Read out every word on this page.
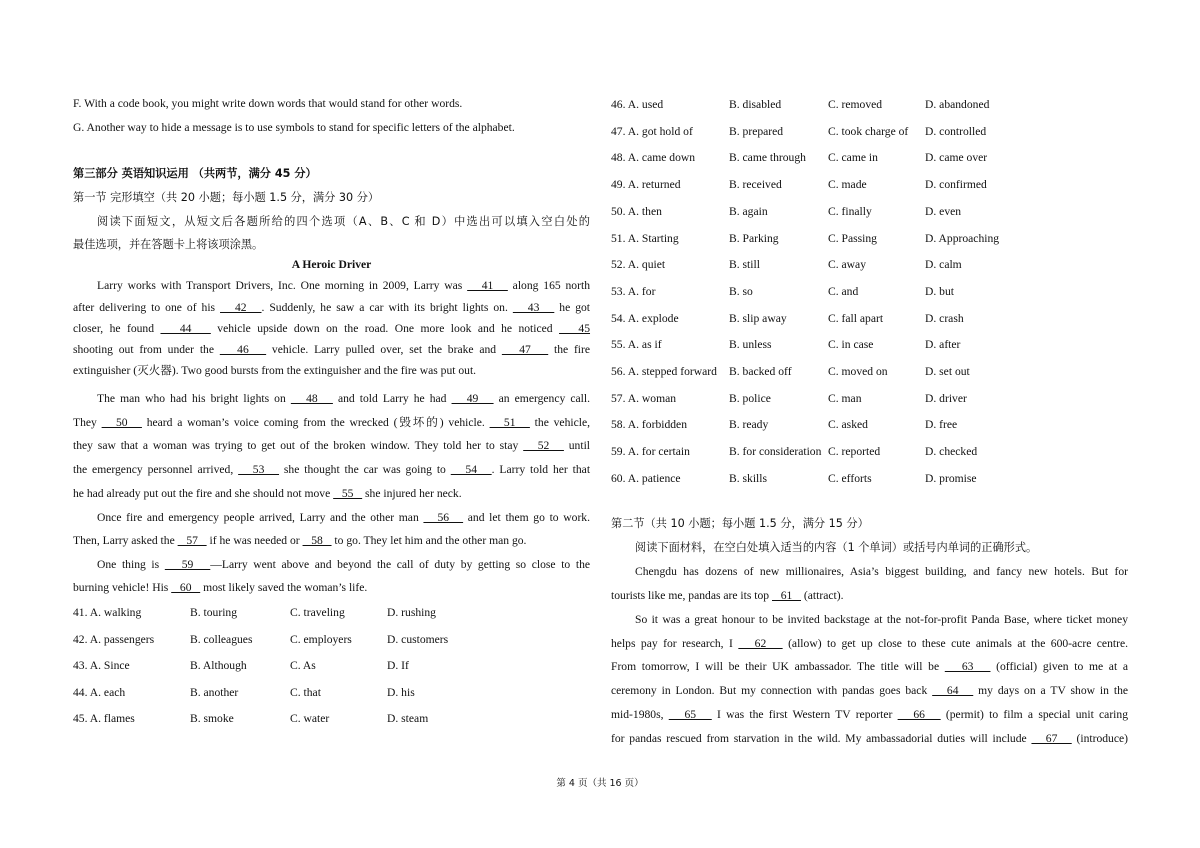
F. With a code book, you might write down words that would stand for other words.
G. Another way to hide a message is to use symbols to stand for specific letters of the alphabet.
第三部分 英语知识运用 （共两节，满分 45 分）
第一节 完形填空（共 20 小题；每小题 1.5 分，满分 30 分）
阅读下面短文，从短文后各题所给的四个选项（A、B、C 和 D）中选出可以填入空白处的
最佳选项，并在答题卡上将该项涂黑。
A Heroic Driver
Larry works with Transport Drivers, Inc. One morning in 2009, Larry was    41    along 165 north
after delivering to one of his    42   . Suddenly, he saw a car with its bright lights on.    43    he got
closer, he found    44    vehicle upside down on the road. One more look and he noticed    45
shooting out from under the    46    vehicle. Larry pulled over, set the brake and    47    the fire
extinguisher (灭火器). Two good bursts from the extinguisher and the fire was put out.
The man who had his bright lights on    48    and told Larry he had    49    an emergency call.
They    50    heard a woman’s voice coming from the wrecked (毁坏的) vehicle.    51    the vehicle,
they saw that a woman was trying to get out of the broken window. They told her to stay    52    until
the emergency personnel arrived,    53    she thought the car was going to    54   . Larry told her that
he had already put out the fire and she should not move    55    she injured her neck.
Once fire and emergency people arrived, Larry and the other man    56    and let them go to work.
Then, Larry asked the    57    if he was needed or    58    to go. They let him and the other man go.
One thing is    59   —Larry went above and beyond the call of duty by getting so close to the
burning vehicle! His    60    most likely saved the woman’s life.
41. A. walking	B. touring	C. traveling	D. rushing
42. A. passengers	B. colleagues	C. employers	D. customers
43. A. Since	B. Although	C. As	D. If
44. A. each	B. another	C. that	D. his
45. A. flames	B. smoke	C. water	D. steam
46. A. used	B. disabled	C. removed	D. abandoned
47. A. got hold of	B. prepared	C. took charge of D. controlled
48. A. came down	B. came through C. came in	D. came over
49. A. returned	B. received	C. made	D. confirmed
50. A. then	B. again	C. finally	D. even
51. A. Starting	B. Parking	C. Passing	D. Approaching
52. A. quiet	B. still	C. away	D. calm
53. A. for	B. so	C. and	D. but
54. A. explode	B. slip away	C. fall apart	D. crash
55. A. as if	B. unless	C. in case	D. after
56. A. stepped forward B. backed off	C. moved on	D. set out
57. A. woman	B. police	C. man	D. driver
58. A. forbidden	B. ready	C. asked	D. free
59. A. for certain	B. for consideration C. reported	D. checked
60. A. patience	B. skills	C. efforts	D. promise
第二节（共 10 小题；每小题 1.5 分，满分 15 分）
阅读下面材料，在空白处填入适当的内容（1 个单词）或括号内单词的正确形式。
Chengdu has dozens of new millionaires, Asia’s biggest building, and fancy new hotels. But for
tourists like me, pandas are its top    61    (attract).
So it was a great honour to be invited backstage at the not-for-profit Panda Base, where ticket money
helps pay for research, I    62    (allow) to get up close to these cute animals at the 600-acre centre.
From tomorrow, I will be their UK ambassador. The title will be    63    (official) given to me at a
ceremony in London. But my connection with pandas goes back    64    my days on a TV show in the
mid-1980s,    65    I was the first Western TV reporter    66    (permit) to film a special unit caring
for pandas rescued from starvation in the wild. My ambassadorial duties will include    67    (introduce)
第 4 页（共 16 页）
